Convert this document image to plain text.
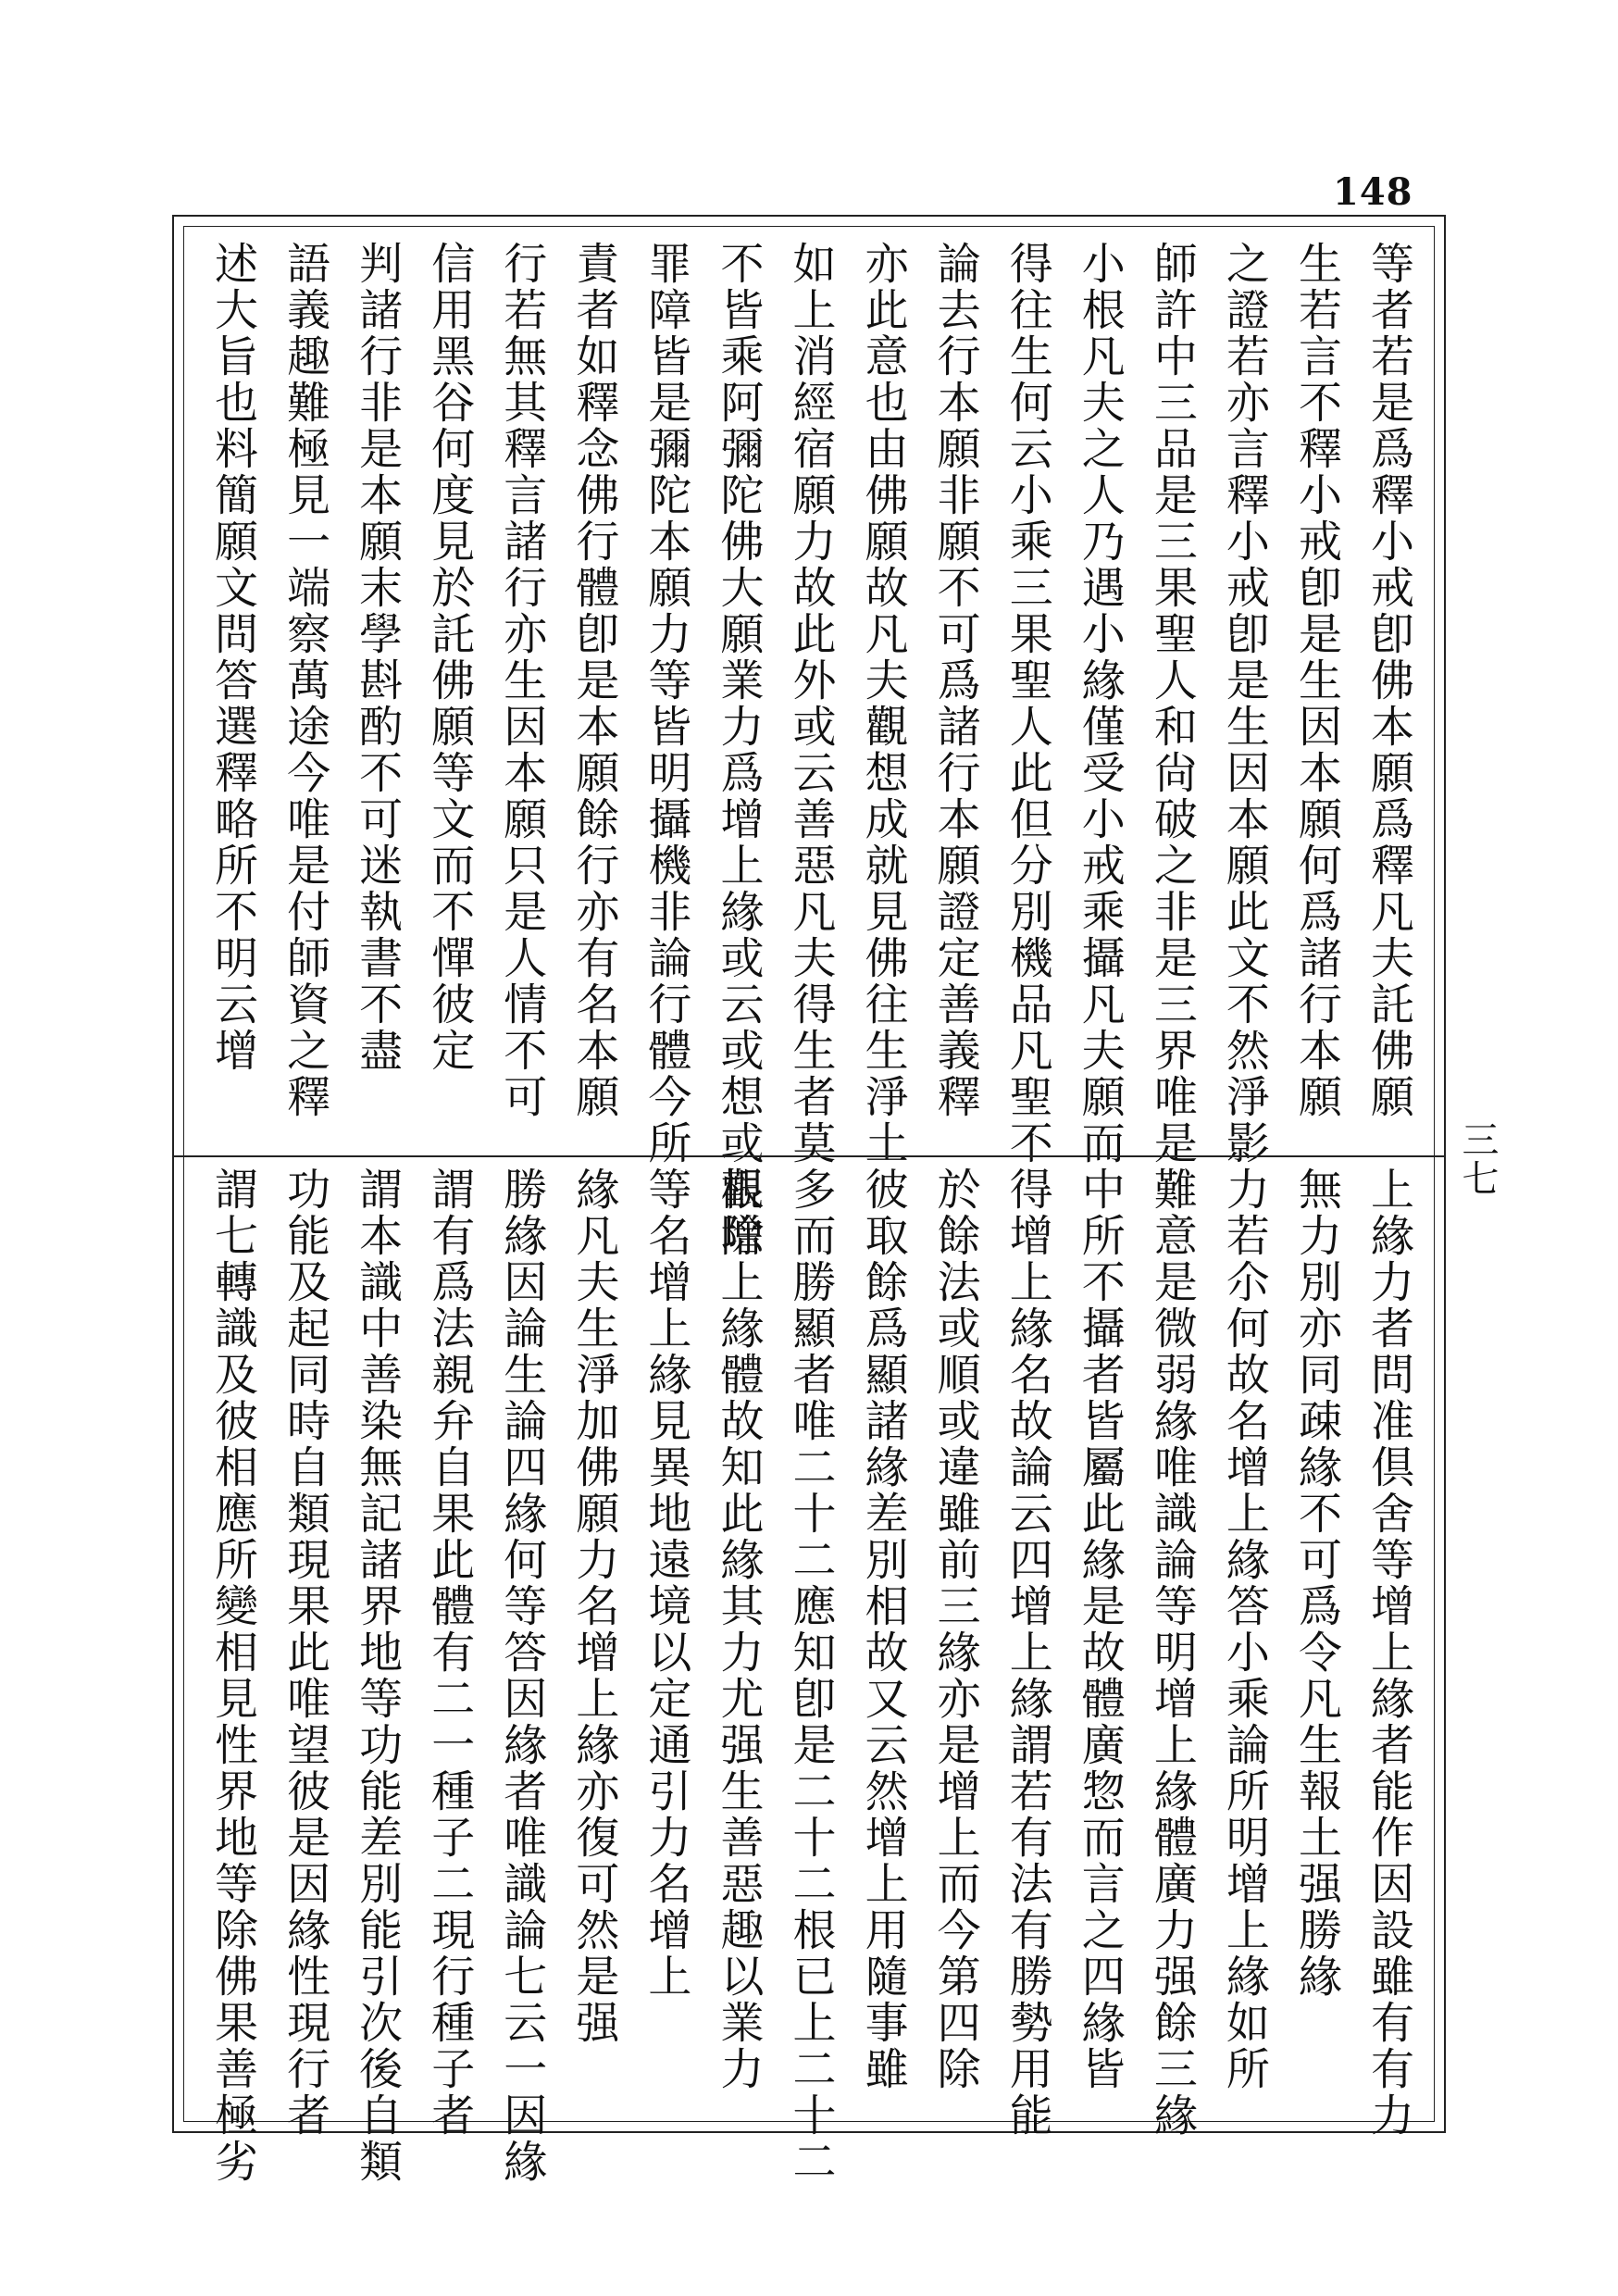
148
等者若是爲釋小戒卽佛本願爲釋凡夫託佛願
生若言不釋小戒卽是生因本願何爲諸行本願
之證若亦言釋小戒卽是生因本願此文不然淨影
師許中三品是三果聖人和尙破之非是三界唯是
小根凡夫之人乃遇小緣僅受小戒乘攝凡夫願而
得往生何云小乘三果聖人此但分別機品凡聖不
論去行本願非願不可爲諸行本願證定善義釋
亦此意也由佛願故凡夫觀想成就見佛往生淨土
如上消經宿願力故此外或云善惡凡夫得生者莫
不皆乘阿彌陀佛大願業力爲增上緣或云或想或觀除
罪障皆是彌陀本願力等皆明攝機非論行體今所
責者如釋念佛行體卽是本願餘行亦有名本願
行若無其釋言諸行亦生因本願只是人情不可
信用黑谷何度見於託佛願等文而不憚彼定
判諸行非是本願末學斟酌不可迷執書不盡
語義趣難極見一端察萬途今唯是付師資之釋
述大旨也料簡願文問答選釋略所不明云增
上緣力者問准倶舍等增上緣者能作因設雖有有力
無力別亦同疎緣不可爲令凡生報土强勝緣
力若尒何故名增上緣答小乘論所明增上緣如所
難意是微弱緣唯識論等明增上緣體廣力强餘三緣
中所不攝者皆屬此緣是故體廣惣而言之四緣皆
得增上緣名故論云四增上緣謂若有法有勝勢用能
於餘法或順或違雖前三緣亦是增上而今第四除
彼取餘爲顯諸緣差別相故又云然增上用隨事雖
多而勝顯者唯二十二應知卽是二十二根已上二十二
根增上緣體故知此緣其力尤强生善惡趣以業力
等名增上緣見異地遠境以定通引力名增上
緣凡夫生淨加佛願力名增上緣亦復可然是强
勝緣因論生論四緣何等答因緣者唯識論七云一因緣
謂有爲法親弁自果此體有二一種子二現行種子者
謂本識中善染無記諸界地等功能差別能引次後自類
功能及起同時自類現果此唯望彼是因緣性現行者
謂七轉識及彼相應所變相見性界地等除佛果善極劣
三七
